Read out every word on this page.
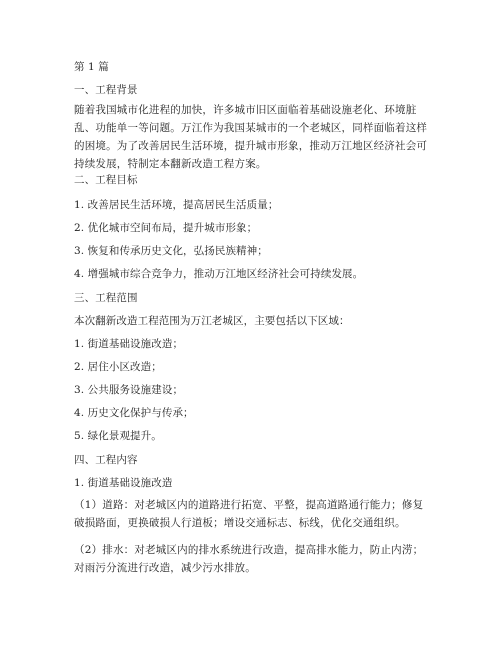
第 1 篇
一、工程背景
随着我国城市化进程的加快，许多城市旧区面临着基础设施老化、环境脏乱、功能单一等问题。万江作为我国某城市的一个老城区，同样面临着这样的困境。为了改善居民生活环境，提升城市形象，推动万江地区经济社会可持续发展，特制定本翻新改造工程方案。
二、工程目标
1. 改善居民生活环境，提高居民生活质量；
2. 优化城市空间布局，提升城市形象；
3. 恢复和传承历史文化，弘扬民族精神；
4. 增强城市综合竞争力，推动万江地区经济社会可持续发展。
三、工程范围
本次翻新改造工程范围为万江老城区，主要包括以下区域：
1. 街道基础设施改造；
2. 居住小区改造；
3. 公共服务设施建设；
4. 历史文化保护与传承；
5. 绿化景观提升。
四、工程内容
1. 街道基础设施改造
（1）道路：对老城区内的道路进行拓宽、平整，提高道路通行能力；修复破损路面，更换破损人行道板；增设交通标志、标线，优化交通组织。
（2）排水：对老城区内的排水系统进行改造，提高排水能力，防止内涝；对雨污分流进行改造，减少污水排放。
